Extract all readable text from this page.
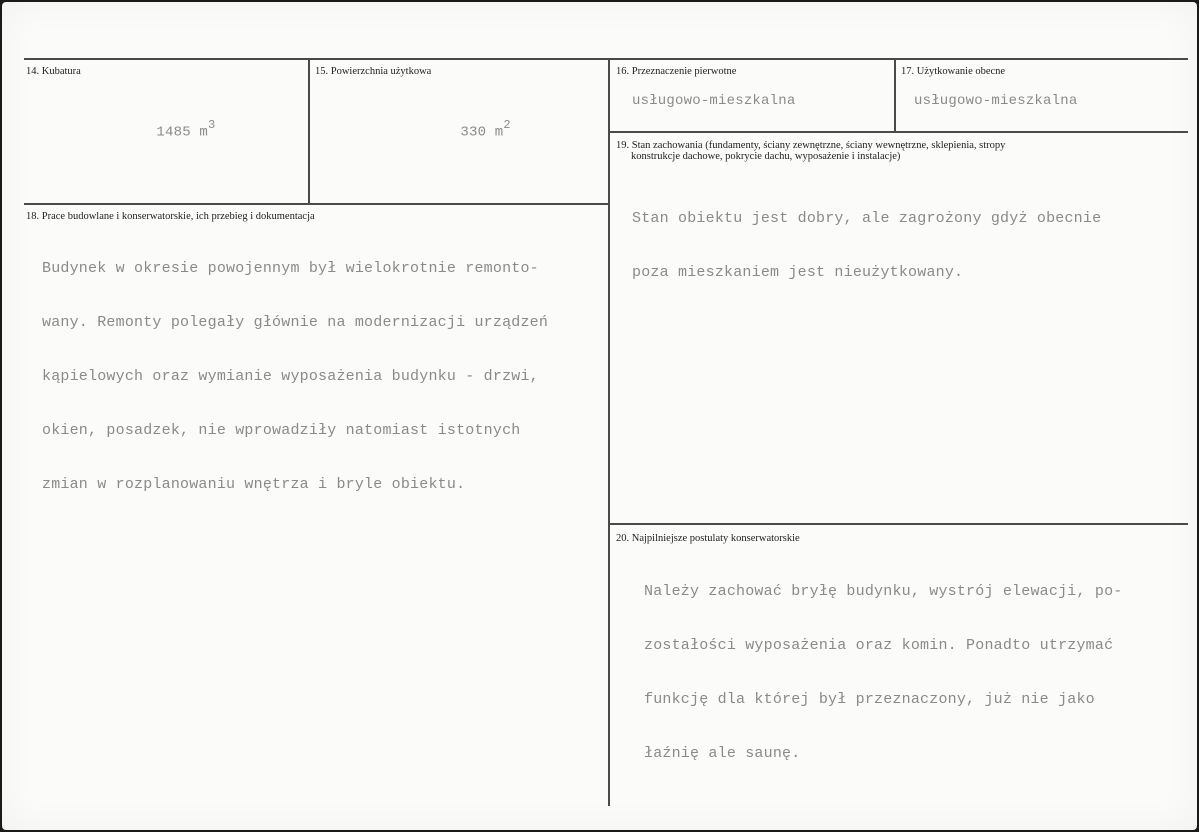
14. Kubatura

1485 $m^3$

15. Powierzchnia użytkowa

330 $m^2$

16. Przeznaczenie pierwotne
usługowo-mieszkalna
17. Użytkowanie obecne
usługowo-mieszkalna
18. Prace budowlane i konserwatorskie, ich przebieg i dokumentacja

Budynek w okresie powojennym był wielokrotnie remonto-

wany. Remonty polegały głównie na modernizacji urządzeń

kąpielowych oraz wymianie wyposażenia budynku - drzwi,

okien, posadzek, nie wprowadziły natomiast istotnych

zmian w rozplanowaniu wnętrza i bryle obiektu.

19. Stan zachowania (fundamenty, ściany zewnętrzne, ściany wewnętrzne, sklepienia, stropy
konstrukcje dachowe, pokrycie dachu, wyposażenie i instalacje)

Stan obiektu jest dobry, ale zagrożony gdyż obecnie

poza mieszkaniem jest nieużytkowany.

20. Najpilniejsze postulaty konserwatorskie

Należy zachować bryłę budynku, wystrój elewacji, po-

zostałości wyposażenia oraz komin. Ponadto utrzymać

funkcję dla której był przeznaczony, już nie jako

łaźnię ale saunę.
